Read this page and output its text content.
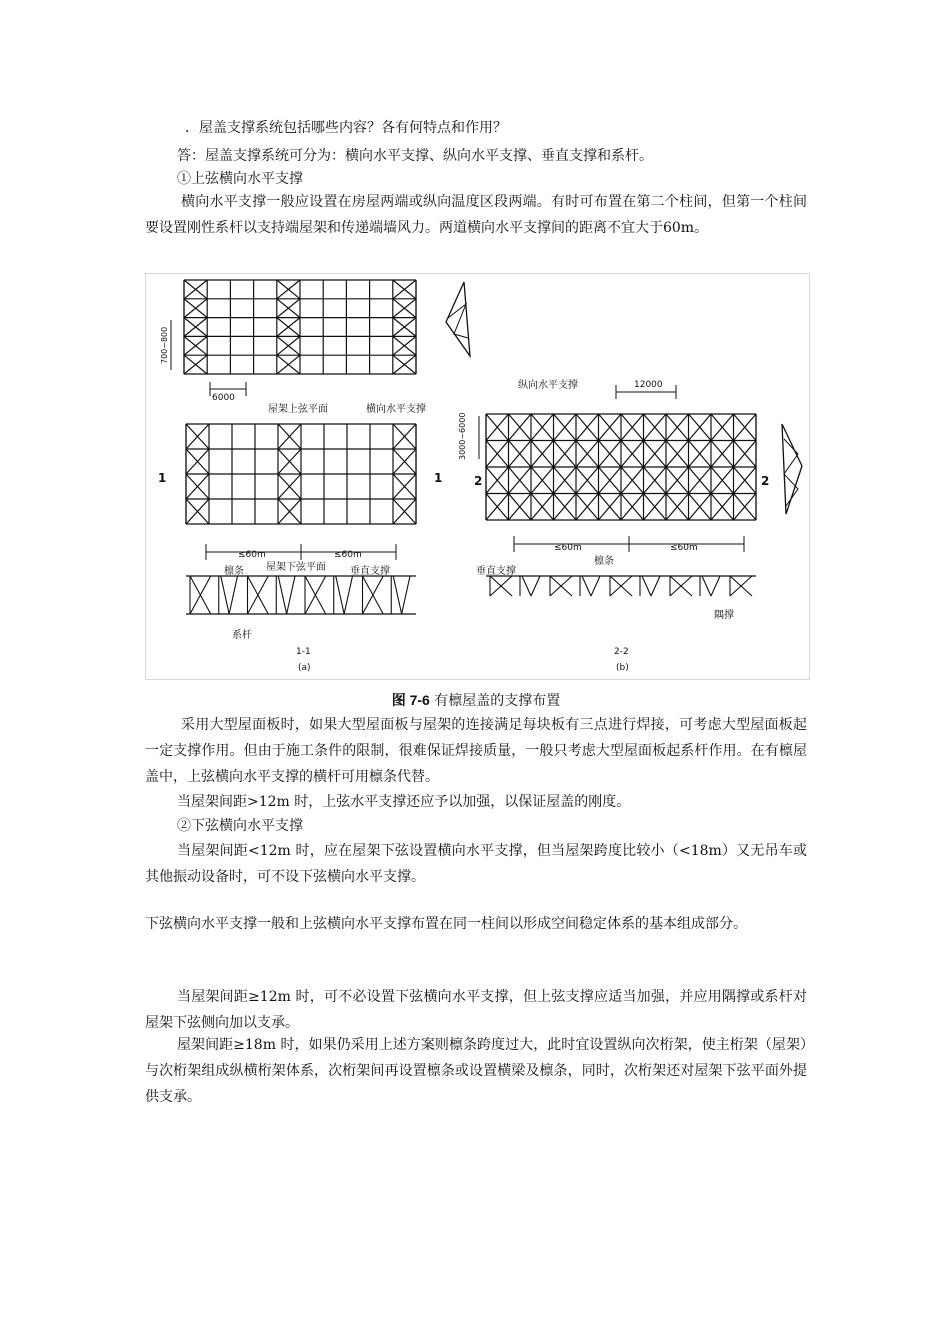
．屋盖支撑系统包括哪些内容？各有何特点和作用？
答：屋盖支撑系统可分为：横向水平支撑、纵向水平支撑、垂直支撑和系杆。
①上弦横向水平支撑
横向水平支撑一般应设置在房屋两端或纵向温度区段两端。有时可布置在第二个柱间，但第一个柱间要设置刚性系杆以支持端屋架和传递端墙风力。两道横向水平支撑间的距离不宜大于60m。
700~800
6000
屋架上弦平面	横向水平支撑
1	1
≤60m	≤60m
屋架下弦平面
檩条	垂直支撑
系杆
1-1
(a)
纵向水平支撑	12000
3000~6000
2	2
≤60m	≤60m
垂直支撑
檩条
隅撑
2-2
(b)
图 7-6 有檩屋盖的支撑布置
采用大型屋面板时，如果大型屋面板与屋架的连接满足每块板有三点进行焊接，可考虑大型屋面板起一定支撑作用。但由于施工条件的限制，很难保证焊接质量，一般只考虑大型屋面板起系杆作用。在有檩屋盖中，上弦横向水平支撑的横杆可用檩条代替。
当屋架间距>12m 时，上弦水平支撑还应予以加强，以保证屋盖的刚度。
②下弦横向水平支撑
当屋架间距<12m 时，应在屋架下弦设置横向水平支撑，但当屋架跨度比较小（<18m）又无吊车或其他振动设备时，可不设下弦横向水平支撑。
下弦横向水平支撑一般和上弦横向水平支撑布置在同一柱间以形成空间稳定体系的基本组成部分。
当屋架间距≥12m 时，可不必设置下弦横向水平支撑，但上弦支撑应适当加强，并应用隅撑或系杆对屋架下弦侧向加以支承。
屋架间距≥18m 时，如果仍采用上述方案则檩条跨度过大，此时宜设置纵向次桁架，使主桁架（屋架）与次桁架组成纵横桁架体系，次桁架间再设置檩条或设置横梁及檩条，同时，次桁架还对屋架下弦平面外提供支承。
